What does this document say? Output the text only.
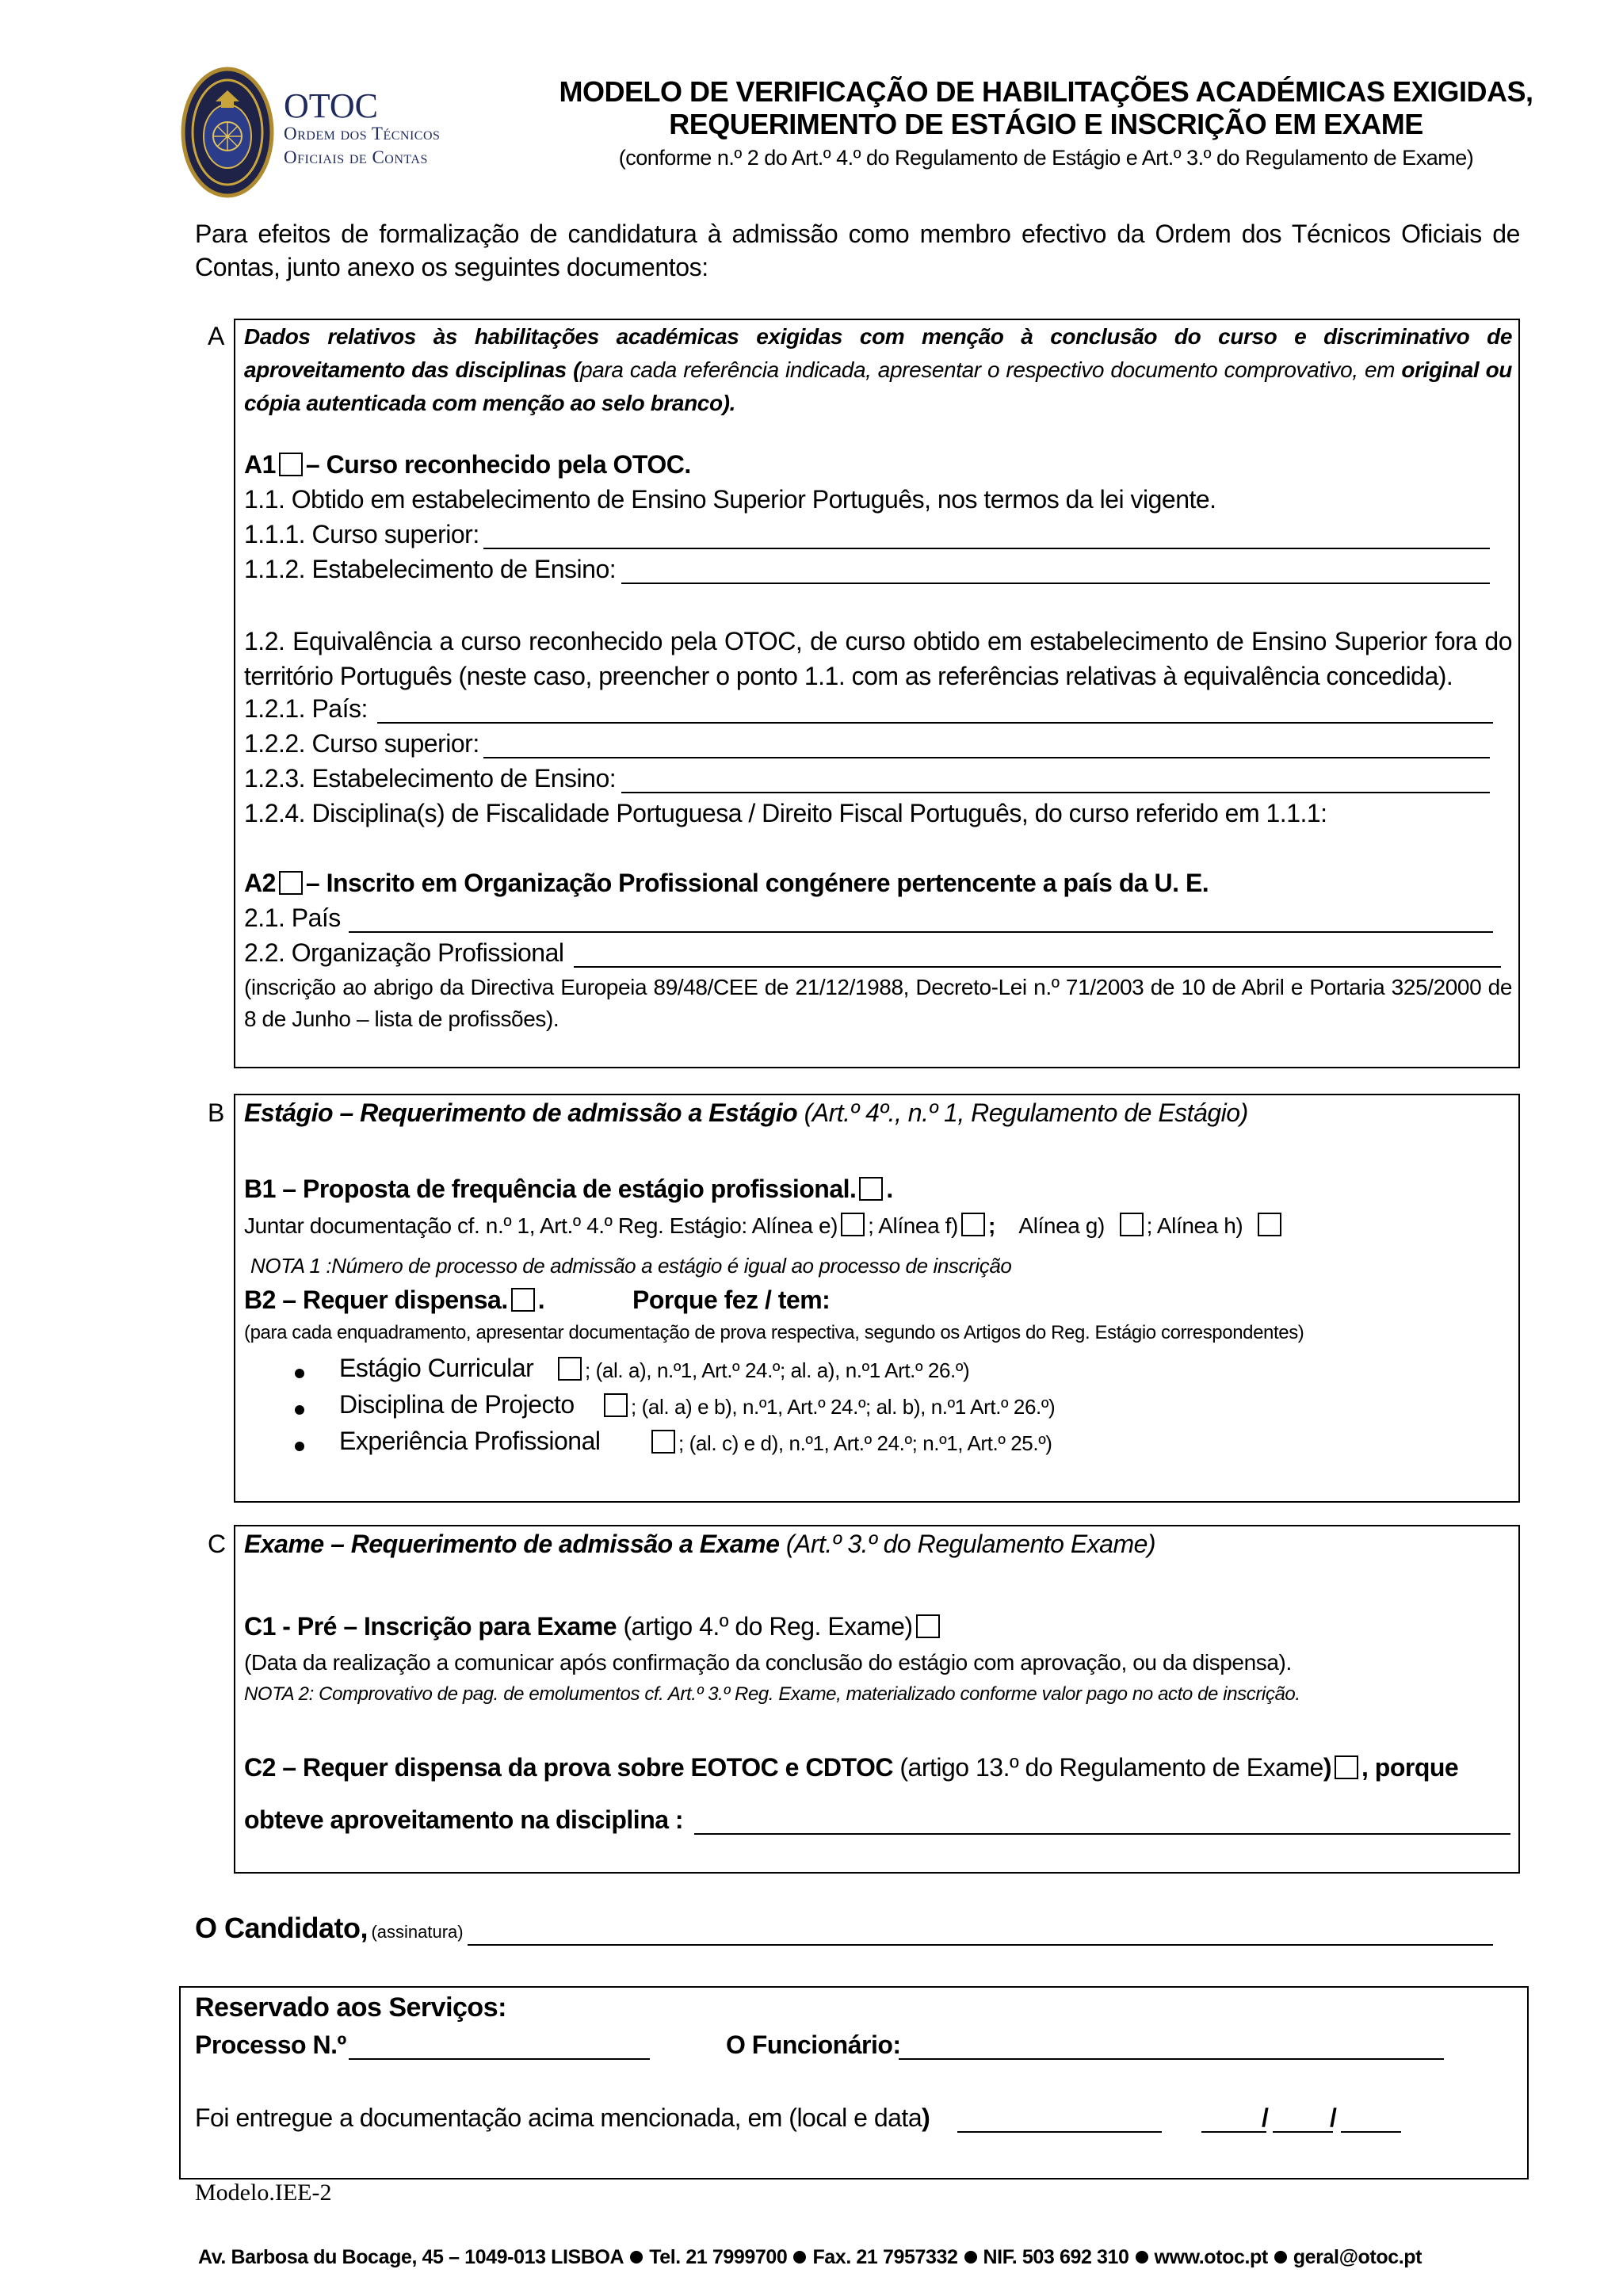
OTOC
Ordem dos Técnicos
Oficiais de Contas
MODELO DE VERIFICAÇÃO DE HABILITAÇÕES ACADÉMICAS EXIGIDAS,
REQUERIMENTO DE ESTÁGIO E INSCRIÇÃO EM EXAME
(conforme n.º 2 do Art.º 4.º do Regulamento de Estágio e Art.º 3.º do Regulamento de Exame)
Para efeitos de formalização de candidatura à admissão como membro efectivo da Ordem dos Técnicos Oficiais de Contas, junto anexo os seguintes documentos:
A Dados relativos às habilitações académicas exigidas com menção à conclusão do curso e discriminativo de aproveitamento das disciplinas (para cada referência indicada, apresentar o respectivo documento comprovativo, em original ou cópia autenticada com menção ao selo branco).
A1 – Curso reconhecido pela OTOC.
1.1. Obtido em estabelecimento de Ensino Superior Português, nos termos da lei vigente.
1.1.1. Curso superior:
1.1.2. Estabelecimento de Ensino:
1.2. Equivalência a curso reconhecido pela OTOC, de curso obtido em estabelecimento de Ensino Superior fora do território Português (neste caso, preencher o ponto 1.1. com as referências relativas à equivalência concedida).
1.2.1. País:
1.2.2. Curso superior:
1.2.3. Estabelecimento de Ensino:
1.2.4. Disciplina(s) de Fiscalidade Portuguesa / Direito Fiscal Português, do curso referido em 1.1.1:
A2 – Inscrito em Organização Profissional congénere pertencente a país da U. E.
2.1. País
2.2. Organização Profissional
(inscrição ao abrigo da Directiva Europeia 89/48/CEE de 21/12/1988, Decreto-Lei n.º 71/2003 de 10 de Abril e Portaria 325/2000 de 8 de Junho – lista de profissões).
B Estágio – Requerimento de admissão a Estágio (Art.º 4º., n.º 1, Regulamento de Estágio)
B1 – Proposta de frequência de estágio profissional. .
Juntar documentação cf. n.º 1, Art.º 4.º Reg. Estágio: Alínea e) ; Alínea f) ; Alínea g) ; Alínea h)
NOTA 1 :Número de processo de admissão a estágio é igual ao processo de inscrição
B2 – Requer dispensa. .	Porque fez / tem:
(para cada enquadramento, apresentar documentação de prova respectiva, segundo os Artigos do Reg. Estágio correspondentes)
Estágio Curricular	; (al. a), n.º1, Art.º 24.º; al. a), n.º1 Art.º 26.º)
Disciplina de Projecto	; (al. a) e b), n.º1, Art.º 24.º; al. b), n.º1 Art.º 26.º)
Experiência Profissional	; (al. c) e d), n.º1, Art.º 24.º; n.º1, Art.º 25.º)
C Exame – Requerimento de admissão a Exame (Art.º 3.º do Regulamento Exame)
C1 - Pré – Inscrição para Exame (artigo 4.º do Reg. Exame)
(Data da realização a comunicar após confirmação da conclusão do estágio com aprovação, ou da dispensa).
NOTA 2: Comprovativo de pag. de emolumentos cf. Art.º 3.º Reg. Exame, materializado conforme valor pago no acto de inscrição.
C2 – Requer dispensa da prova sobre EOTOC e CDTOC (artigo 13.º do Regulamento de Exame) , porque
obteve aproveitamento na disciplina :
O Candidato, (assinatura)
Reservado aos Serviços:
Processo N.º	O Funcionário:
Foi entregue a documentação acima mencionada, em (local e data)	/ /
Modelo.IEE-2
Av. Barbosa du Bocage, 45 – 1049-013 LISBOA Tel. 21 7999700 Fax. 21 7957332 NIF. 503 692 310 www.otoc.pt geral@otoc.pt
